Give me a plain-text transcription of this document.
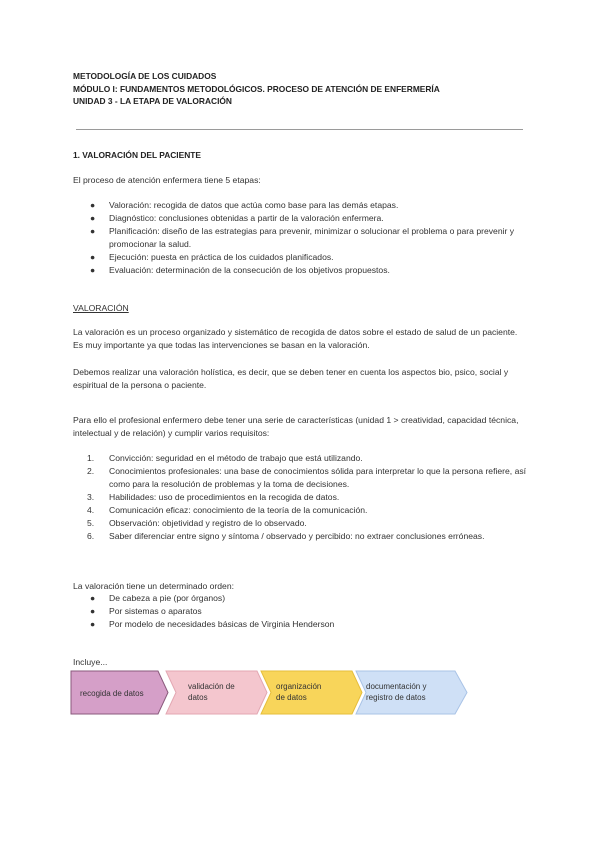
METODOLOGÍA DE LOS CUIDADOS
MÓDULO I: FUNDAMENTOS METODOLÓGICOS. PROCESO DE ATENCIÓN DE ENFERMERÍA
UNIDAD 3 - LA ETAPA DE VALORACIÓN
1. VALORACIÓN DEL PACIENTE
El proceso de atención enfermera tiene 5 etapas:
● Valoración: recogida de datos que actúa como base para las demás etapas.
● Diagnóstico: conclusiones obtenidas a partir de la valoración enfermera.
● Planificación: diseño de las estrategias para prevenir, minimizar o solucionar el problema o para prevenir y promocionar la salud.
● Ejecución: puesta en práctica de los cuidados planificados.
● Evaluación: determinación de la consecución de los objetivos propuestos.
VALORACIÓN
La valoración es un proceso organizado y sistemático de recogida de datos sobre el estado de salud de un paciente. Es muy importante ya que todas las intervenciones se basan en la valoración.
Debemos realizar una valoración holística, es decir, que se deben tener en cuenta los aspectos bio, psico, social y espiritual de la persona o paciente.
Para ello el profesional enfermero debe tener una serie de características (unidad 1 > creatividad, capacidad técnica, intelectual y de relación) y cumplir varios requisitos:
1. Convicción: seguridad en el método de trabajo que está utilizando.
2. Conocimientos profesionales: una base de conocimientos sólida para interpretar lo que la persona refiere, así como para la resolución de problemas y la toma de decisiones.
3. Habilidades: uso de procedimientos en la recogida de datos.
4. Comunicación eficaz: conocimiento de la teoría de la comunicación.
5. Observación: objetividad y registro de lo observado.
6. Saber diferenciar entre signo y síntoma / observado y percibido: no extraer conclusiones erróneas.
La valoración tiene un determinado orden:
● De cabeza a pie (por órganos)
● Por sistemas o aparatos
● Por modelo de necesidades básicas de Virginia Henderson
Incluye...
recogida de datos
validación de
datos
organización
de datos
documentación y
registro de datos
